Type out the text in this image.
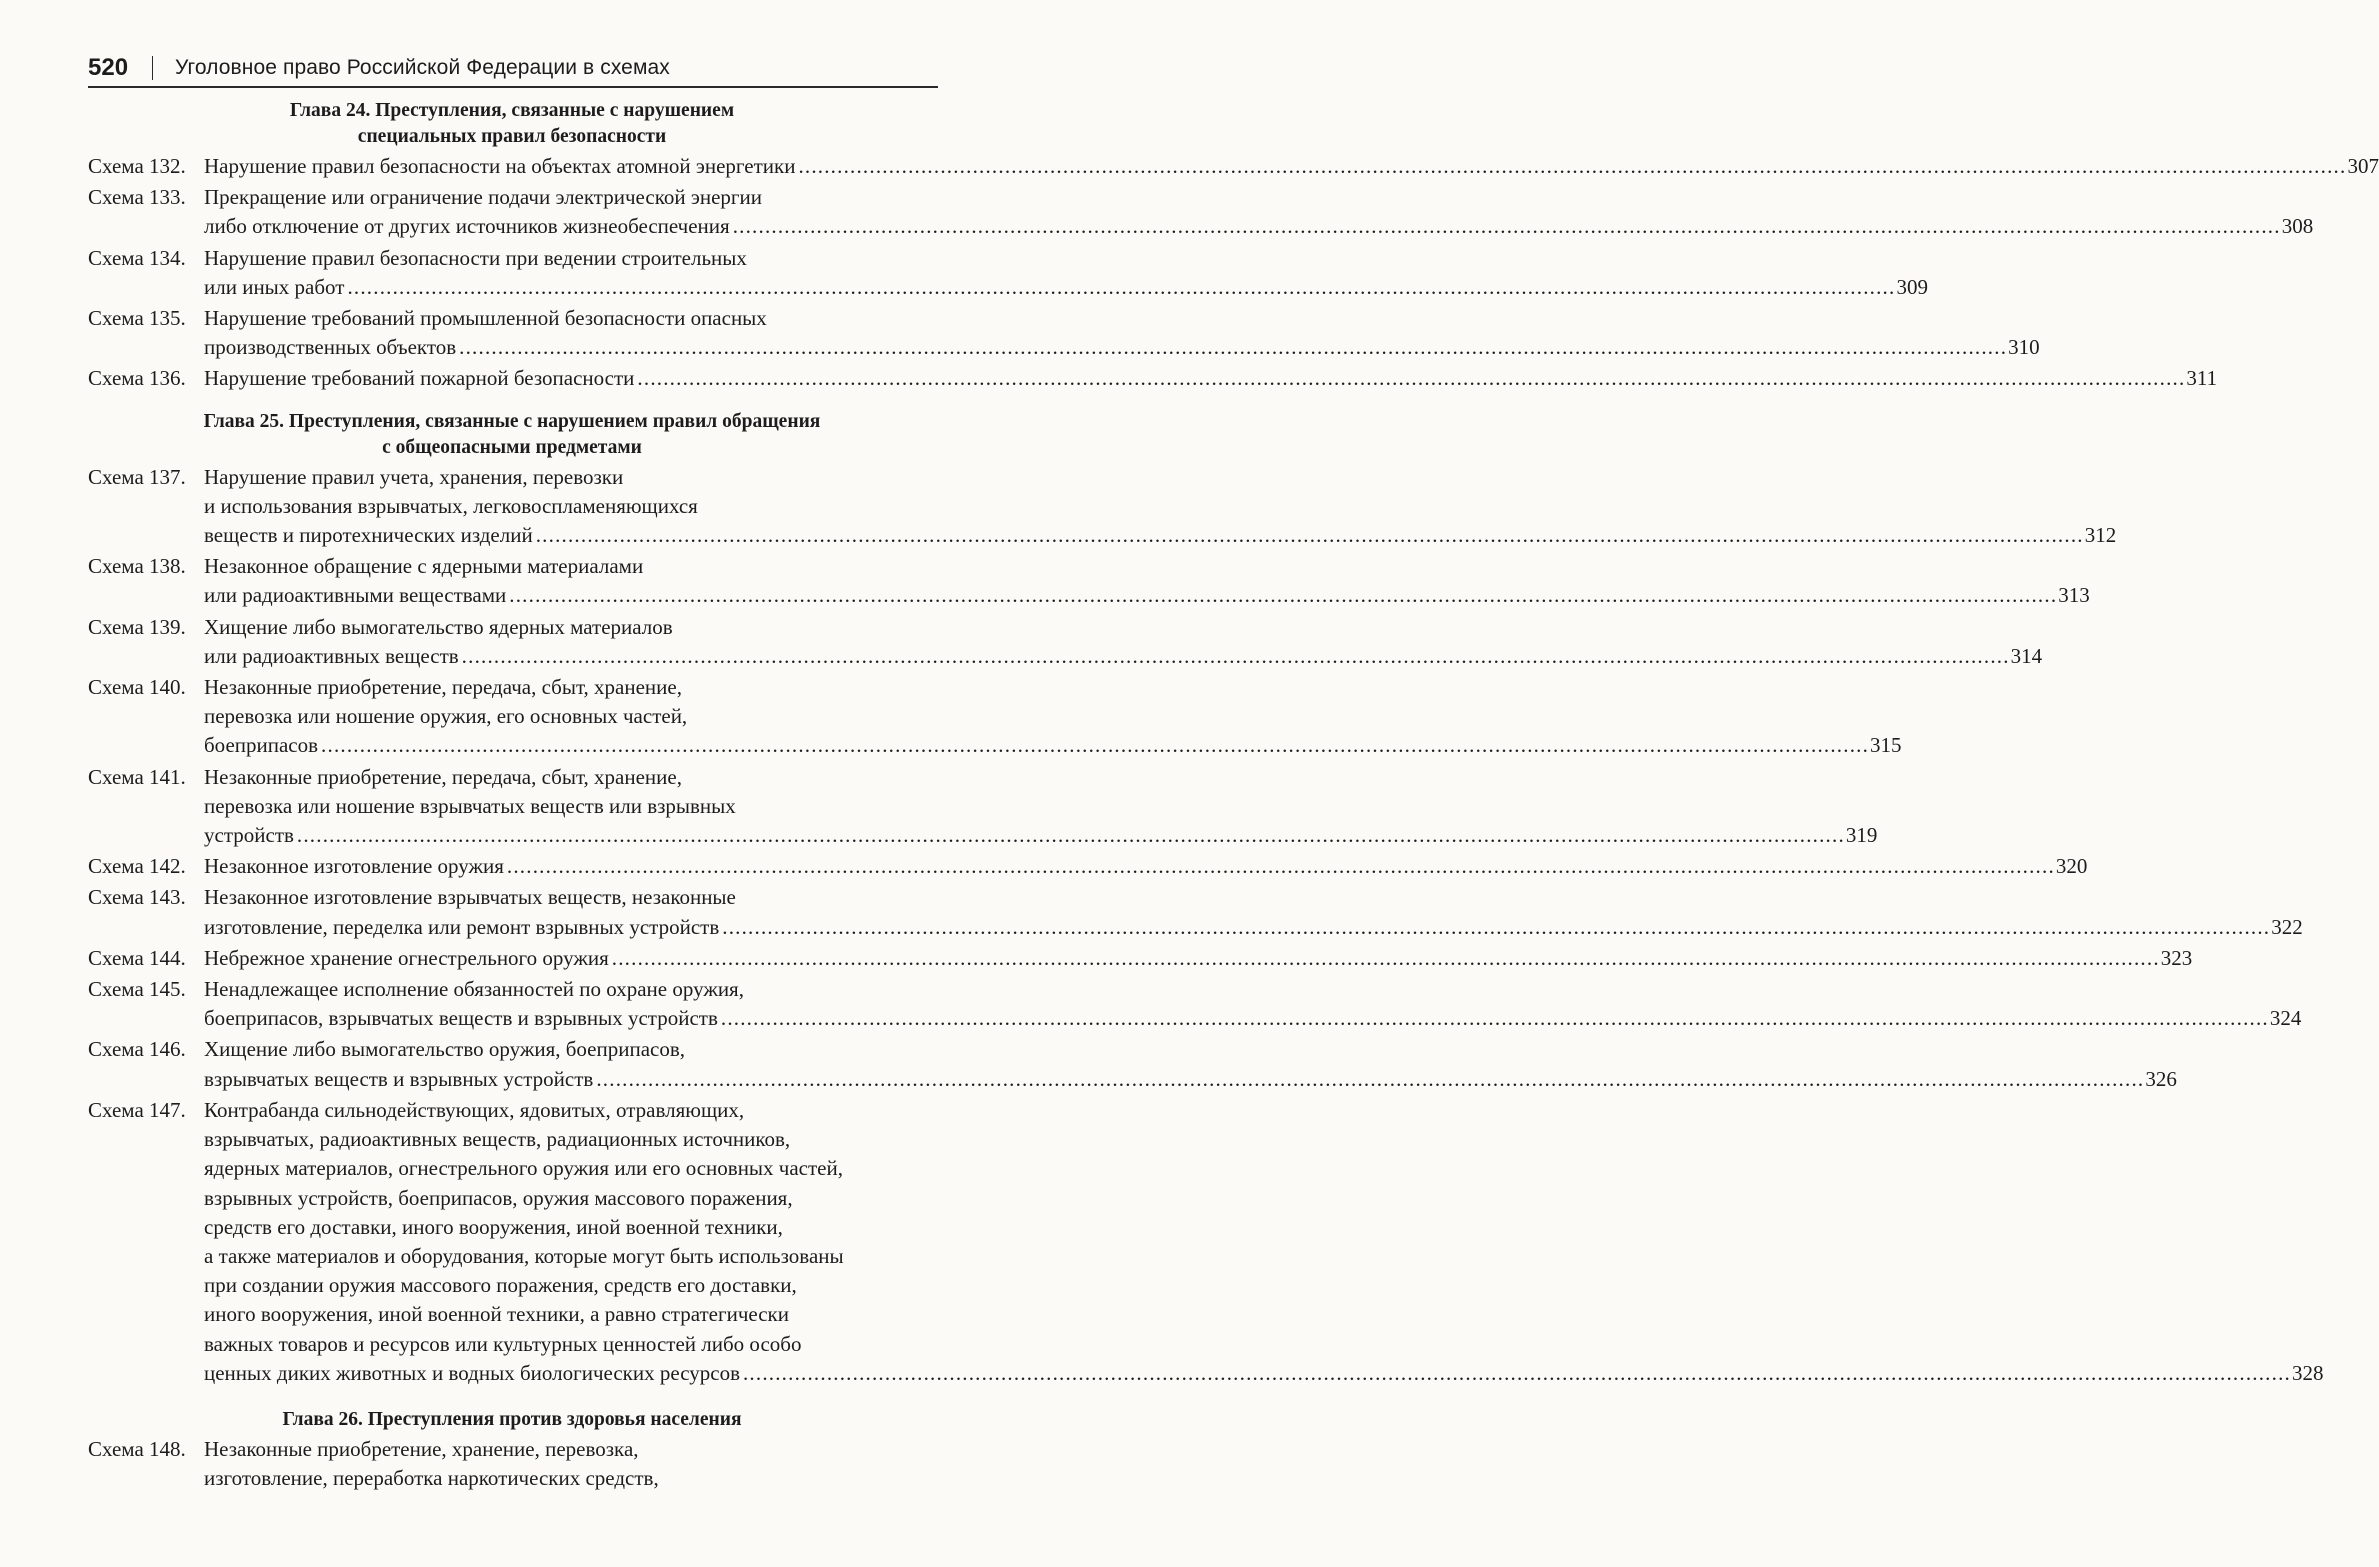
520 Уголовное право Российской Федерации в схемах
Глава 24. Преступления, связанные с нарушением
специальных правил безопасности
Схема 132. Нарушение правил безопасности на объектах атомной энергетики .....	307
Схема 133. Прекращение или ограничение подачи электрической энергии
либо отключение от других источников жизнеобеспечения .....	308
Схема 134. Нарушение правил безопасности при ведении строительных
или иных работ .....	309
Схема 135. Нарушение требований промышленной безопасности опасных
производственных объектов .....	310
Схема 136. Нарушение требований пожарной безопасности .....	311
Глава 25. Преступления, связанные с нарушением правил обращения
с общеопасными предметами
Схема 137. Нарушение правил учета, хранения, перевозки
и использования взрывчатых, легковоспламеняющихся
веществ и пиротехнических изделий .....	312
Схема 138. Незаконное обращение с ядерными материалами
или радиоактивными веществами .....	313
Схема 139. Хищение либо вымогательство ядерных материалов
или радиоактивных веществ .....	314
Схема 140. Незаконные приобретение, передача, сбыт, хранение,
перевозка или ношение оружия, его основных частей,
боеприпасов .....	315
Схема 141. Незаконные приобретение, передача, сбыт, хранение,
перевозка или ношение взрывчатых веществ или взрывных
устройств .....	319
Схема 142. Незаконное изготовление оружия .....	320
Схема 143. Незаконное изготовление взрывчатых веществ, незаконные
изготовление, переделка или ремонт взрывных устройств .....	322
Схема 144. Небрежное хранение огнестрельного оружия .....	323
Схема 145. Ненадлежащее исполнение обязанностей по охране оружия,
боеприпасов, взрывчатых веществ и взрывных устройств .....	324
Схема 146. Хищение либо вымогательство оружия, боеприпасов,
взрывчатых веществ и взрывных устройств .....	326
Схема 147. Контрабанда сильнодействующих, ядовитых, отравляющих,
взрывчатых, радиоактивных веществ, радиационных источников,
ядерных материалов, огнестрельного оружия или его основных частей,
взрывных устройств, боеприпасов, оружия массового поражения,
средств его доставки, иного вооружения, иной военной техники,
а также материалов и оборудования, которые могут быть использованы
при создании оружия массового поражения, средств его доставки,
иного вооружения, иной военной техники, а равно стратегически
важных товаров и ресурсов или культурных ценностей либо особо
ценных диких животных и водных биологических ресурсов .....	328
Глава 26. Преступления против здоровья населения
Схема 148. Незаконные приобретение, хранение, перевозка,
изготовление, переработка наркотических средств,
